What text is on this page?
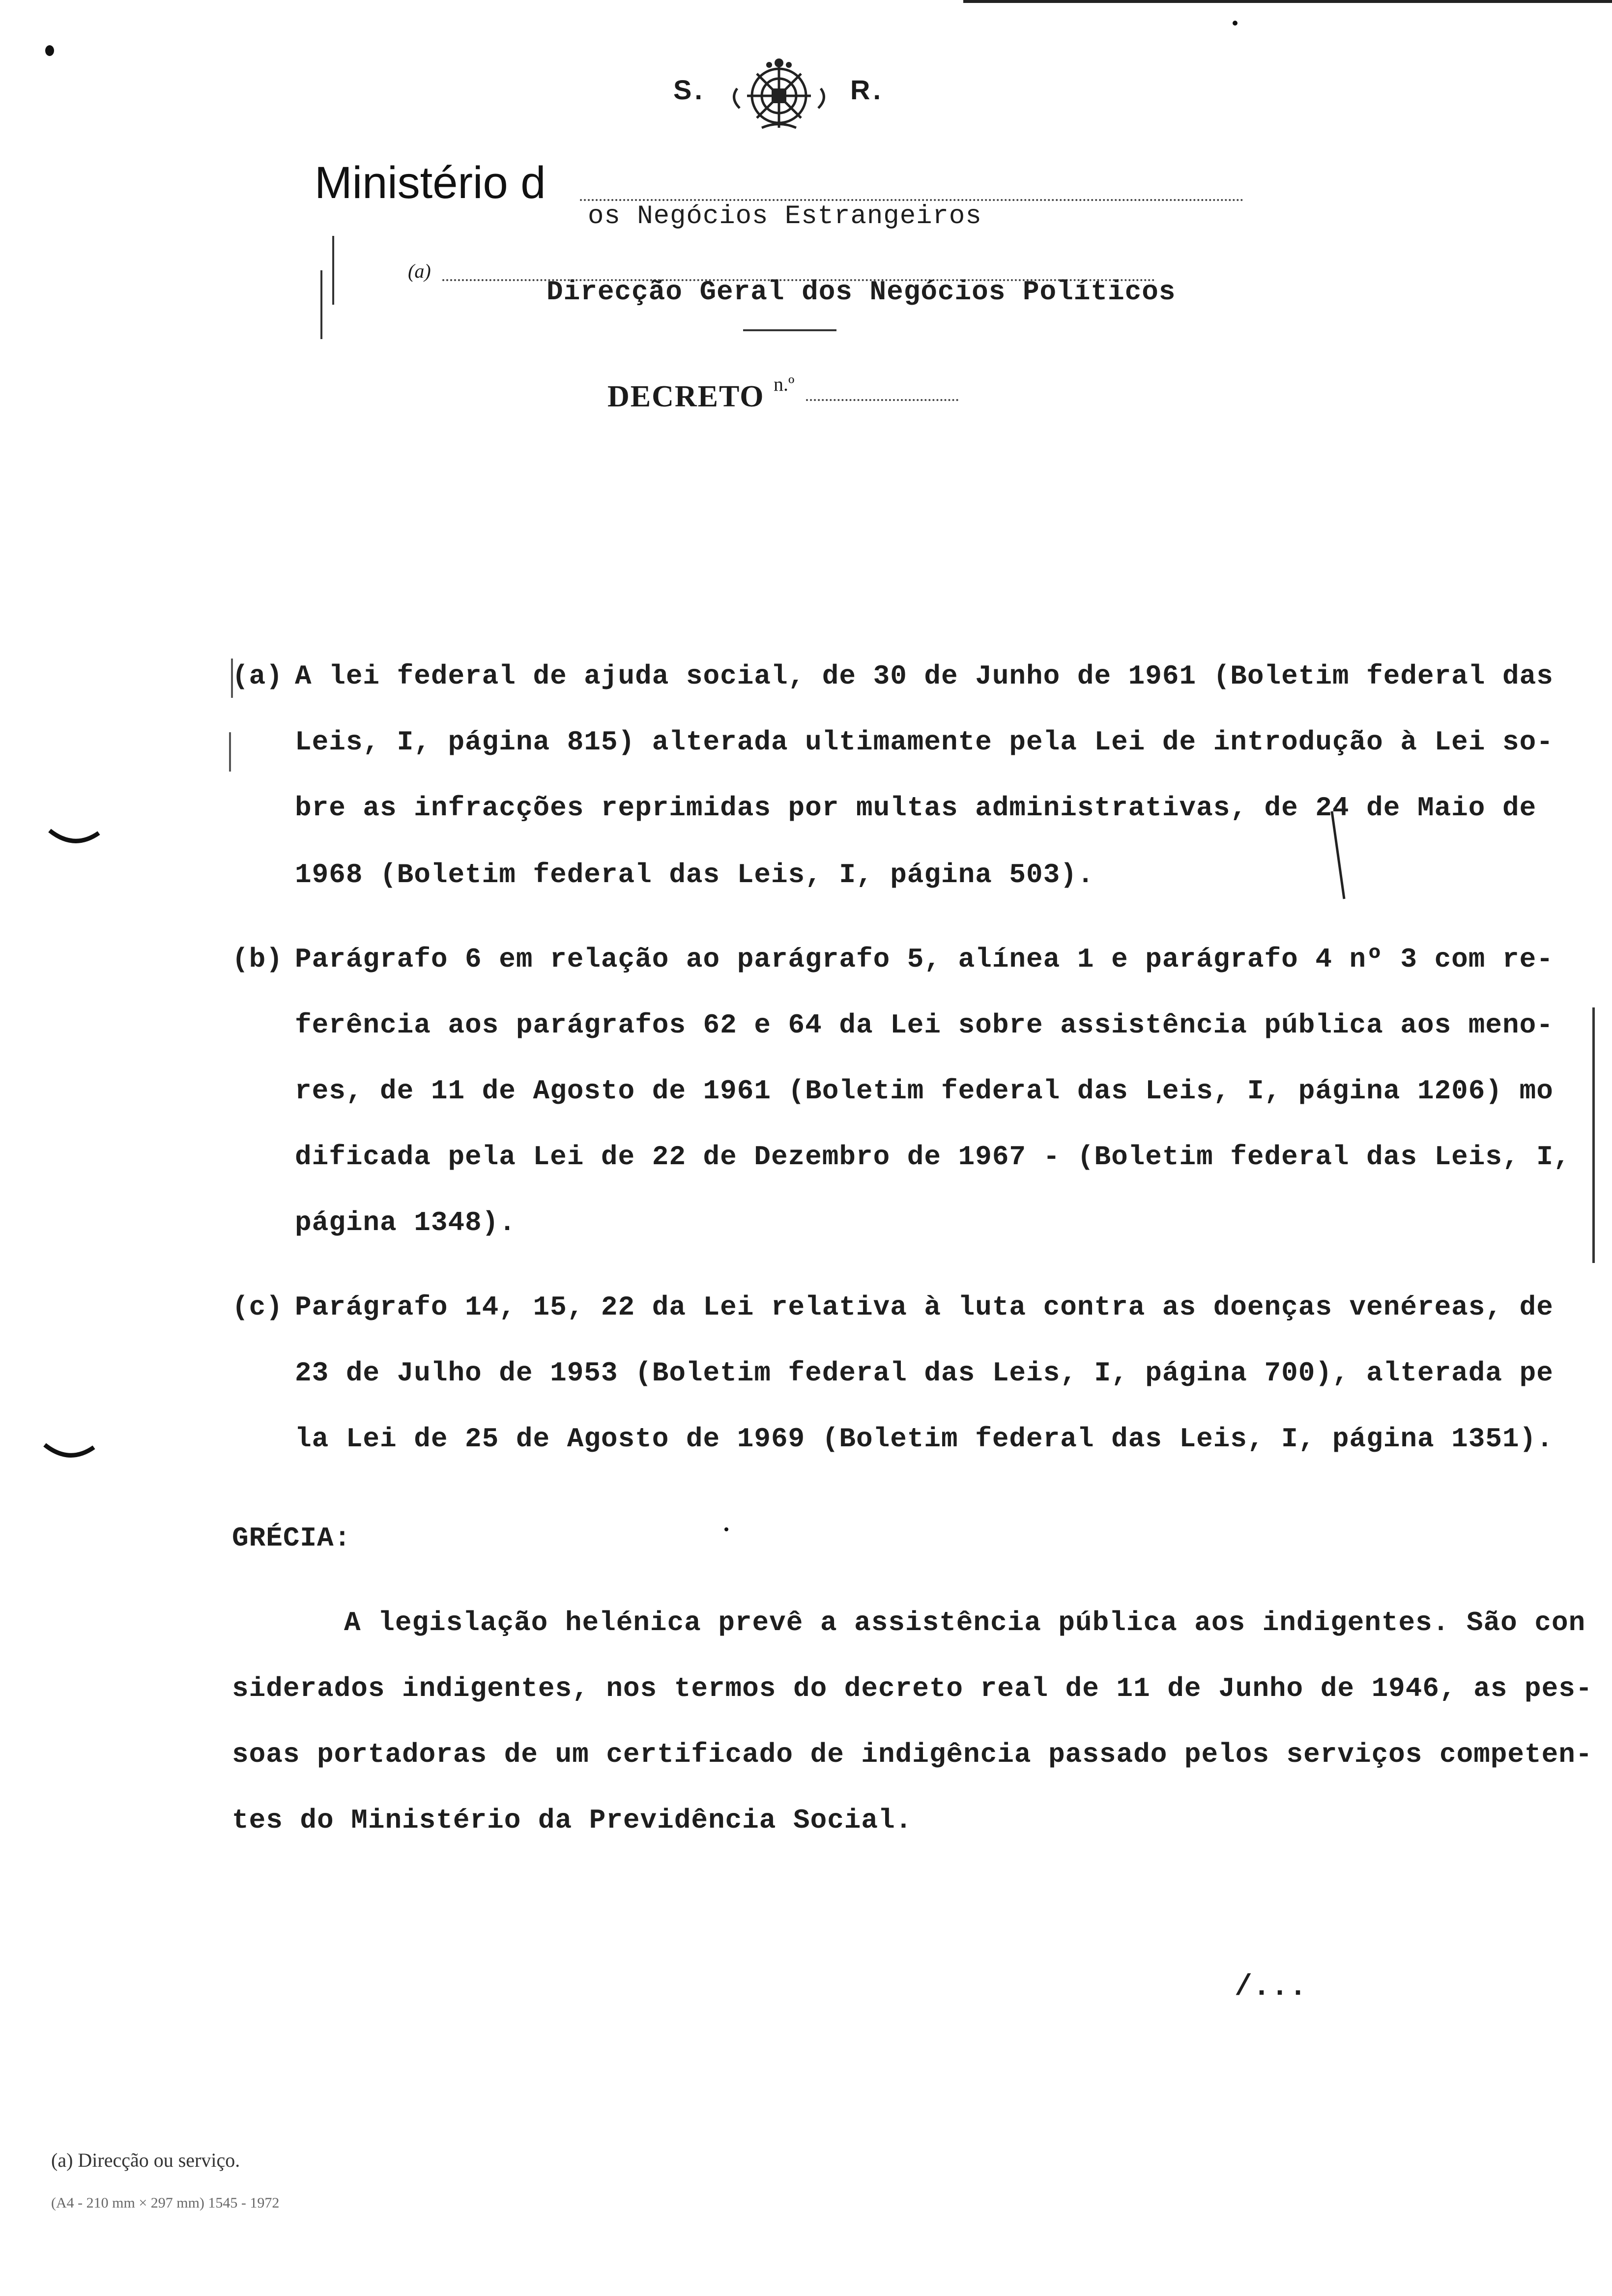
S.	R.
Ministério d
os Negócios Estrangeiros
(a)
Direcção Geral dos Negócios Políticos
DECRETO n.º
(a) A lei federal de ajuda social, de 30 de Junho de 1961 (Boletim federal das
Leis, I, página 815) alterada ultimamente pela Lei de introdução à Lei so-
bre as infracções reprimidas por multas administrativas, de 24 de Maio de
1968 (Boletim federal das Leis, I, página 503).
(b) Parágrafo 6 em relação ao parágrafo 5, alínea 1 e parágrafo 4 nº 3 com re-
ferência aos parágrafos 62 e 64 da Lei sobre assistência pública aos meno-
res, de 11 de Agosto de 1961 (Boletim federal das Leis, I, página 1206) mo
dificada pela Lei de 22 de Dezembro de 1967 - (Boletim federal das Leis, I,
página 1348).
(c) Parágrafo 14, 15, 22 da Lei relativa à luta contra as doenças venéreas, de
23 de Julho de 1953 (Boletim federal das Leis, I, página 700), alterada pe
la Lei de 25 de Agosto de 1969 (Boletim federal das Leis, I, página 1351).
GRÉCIA:
A legislação helénica prevê a assistência pública aos indigentes. São con
siderados indigentes, nos termos do decreto real de 11 de Junho de 1946, as pes-
soas portadoras de um certificado de indigência passado pelos serviços competen-
tes do Ministério da Previdência Social.
/...
(a) Direcção ou serviço.
(A4 - 210 mm × 297 mm) 1545 - 1972
